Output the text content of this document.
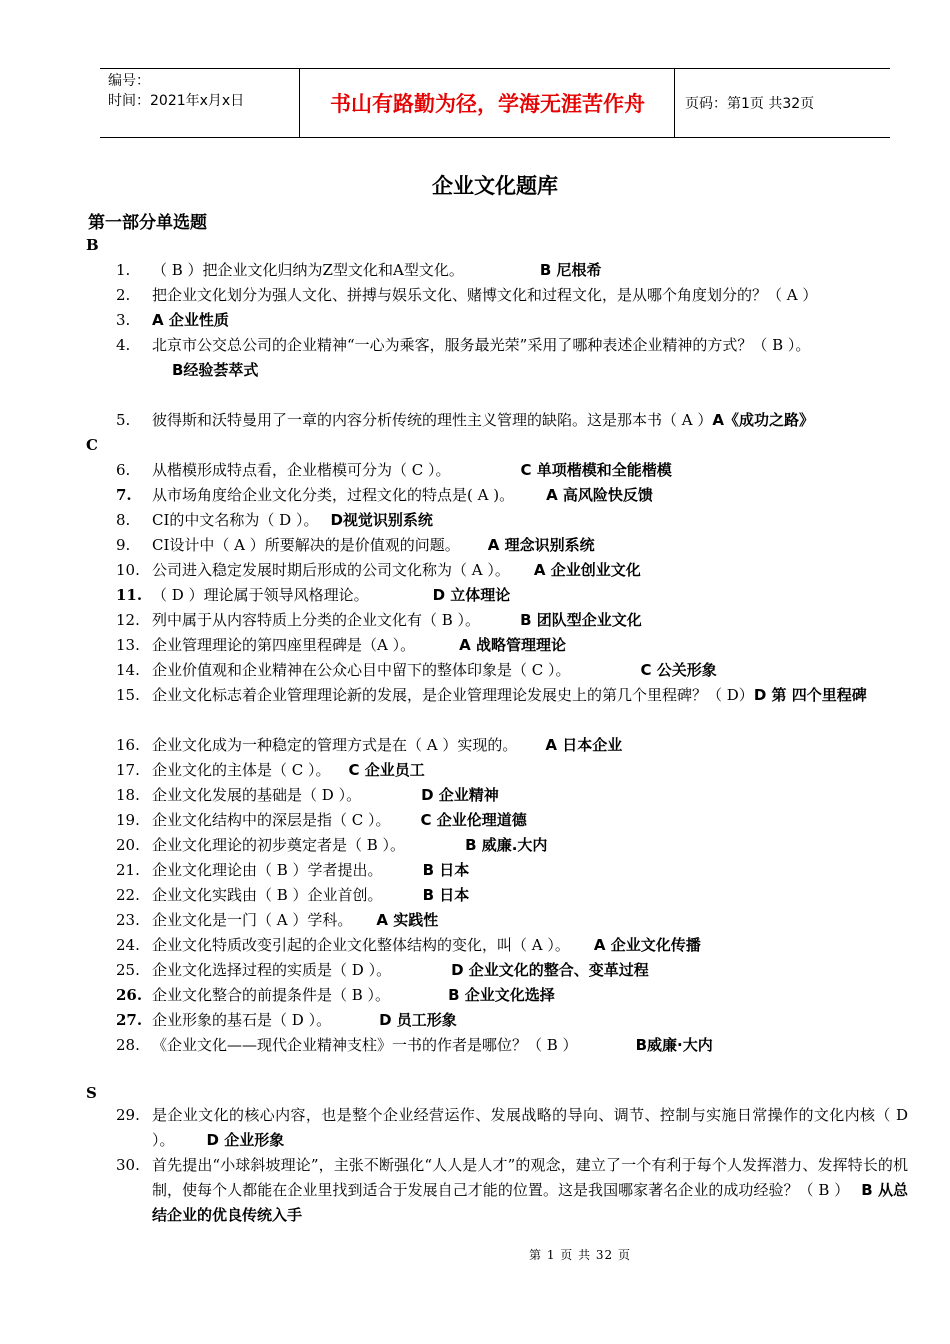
编号：
时间：2021年x月x日	书山有路勤为径，学海无涯苦作舟	页码：第1页 共32页
企业文化题库
第一部分单选题
B
C
S
1.	（ B ）把企业文化归纳为Z型文化和A型文化。	B 尼根希
2.	把企业文化划分为强人文化、拼搏与娱乐文化、赌博文化和过程文化，是从哪个角度划分的？（ A ）
3.	A 企业性质
4.	北京市公交总公司的企业精神“一心为乘客，服务最光荣”采用了哪种表述企业精神的方式？（ B ）。
B经验荟萃式
5.	彼得斯和沃特曼用了一章的内容分析传统的理性主义管理的缺陷。这是那本书（ A ）A《成功之路》
6.	从楷模形成特点看，企业楷模可分为（ C ）。	C 单项楷模和全能楷模
7.	从市场角度给企业文化分类，过程文化的特点是( A )。 A 高风险快反馈
8.	CI的中文名称为（ D ）。 D视觉识别系统
9.	CI设计中（ A ）所要解决的是价值观的问题。 A 理念识别系统
10. 公司进入稳定发展时期后形成的公司文化称为（ A ）。 A 企业创业文化
11. （ D ）理论属于领导风格理论。	D 立体理论
12. 列中属于从内容特质上分类的企业文化有（ B ）。	B 团队型企业文化
13. 企业管理理论的第四座里程碑是（A ）。	A 战略管理理论
14. 企业价值观和企业精神在公众心目中留下的整体印象是（ C ）。	C 公关形象
15. 企业文化标志着企业管理理论新的发展，是企业管理理论发展史上的第几个里程碑？（ D）D 第 四个里程碑
16. 企业文化成为一种稳定的管理方式是在（ A ）实现的。 A 日本企业
17. 企业文化的主体是（ C ）。 C 企业员工
18. 企业文化发展的基础是（ D ）。	D 企业精神
19. 企业文化结构中的深层是指（ C ）。 C 企业伦理道德
20. 企业文化理论的初步奠定者是（ B ）。	B 威廉.大内
21. 企业文化理论由（ B ）学者提出。	B 日本
22. 企业文化实践由（ B ）企业首创。	B 日本
23. 企业文化是一门（ A ）学科。 A 实践性
24. 企业文化特质改变引起的企业文化整体结构的变化，叫（ A ）。 A 企业文化传播
25. 企业文化选择过程的实质是（ D ）。	D 企业文化的整合、变革过程
26. 企业文化整合的前提条件是（ B ）。	B 企业文化选择
27. 企业形象的基石是（ D ）。	D 员工形象
28. 《企业文化——现代企业精神支柱》一书的作者是哪位？（ B ）	B威廉·大内
29. 是企业文化的核心内容，也是整个企业经营运作、发展战略的导向、调节、控制与实施日常操作的文化内核（ D ）。 D 企业形象
30. 首先提出“小球斜坡理论”，主张不断强化“人人是人才”的观念，建立了一个有利于每个人发挥潜力、发挥特长的机制，使每个人都能在企业里找到适合于发展自己才能的位置。这是我国哪家著名企业的成功经验？（ B ） B 从总结企业的优良传统入手
第 1 页 共 32 页
